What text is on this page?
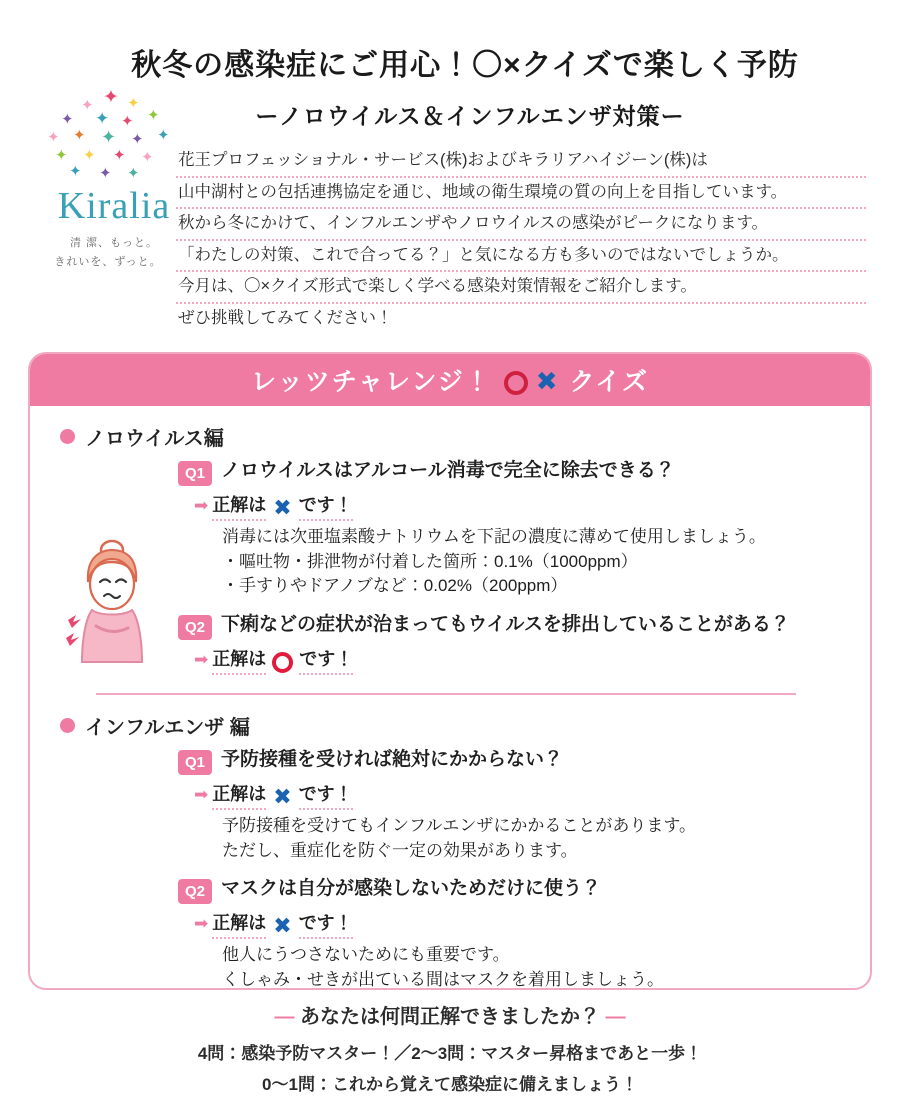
秋冬の感染症にご用心！〇×クイズで楽しく予防
ーノロウイルス＆インフルエンザ対策ー
✦
✦ ✦
✦ ✦ ✦ ✦
✦ ✦ ✦ ✦ ✦
✦ ✦ ✦ ✦
✦ ✦ ✦
Kiralia
清 潔、もっと。
きれいを、ずっと。
花王プロフェッショナル・サービス(株)およびキラリアハイジーン(株)は
山中湖村との包括連携協定を通じ、地域の衛生環境の質の向上を目指しています。
秋から冬にかけて、インフルエンザやノロウイルスの感染がピークになります。
「わたしの対策、これで合ってる？」と気になる方も多いのではないでしょうか。
今月は、〇×クイズ形式で楽しく学べる感染対策情報をご紹介します。
ぜひ挑戦してみてください！
レッツチャレンジ！ ○ ✖ クイズ
ノロウイルス編
Q1 ノロウイルスはアルコール消毒で完全に除去できる？
➡ 正解は ✖ です！
消毒には次亜塩素酸ナトリウムを下記の濃度に薄めて使用しましょう。
・嘔吐物・排泄物が付着した箇所：0.1%（1000ppm）
・手すりやドアノブなど：0.02%（200ppm）
Q2 下痢などの症状が治まってもウイルスを排出していることがある？
➡ 正解は ○ です！
インフルエンザ 編
Q1 予防接種を受ければ絶対にかからない？
➡ 正解は ✖ です！
予防接種を受けてもインフルエンザにかかることがあります。
ただし、重症化を防ぐ一定の効果があります。
Q2 マスクは自分が感染しないためだけに使う？
➡ 正解は ✖ です！
他人にうつさないためにも重要です。
くしゃみ・せきが出ている間はマスクを着用しましょう。
— あなたは何問正解できましたか？ —
4問：感染予防マスター！／2〜3問：マスター昇格まであと一歩！
0〜1問：これから覚えて感染症に備えましょう！
